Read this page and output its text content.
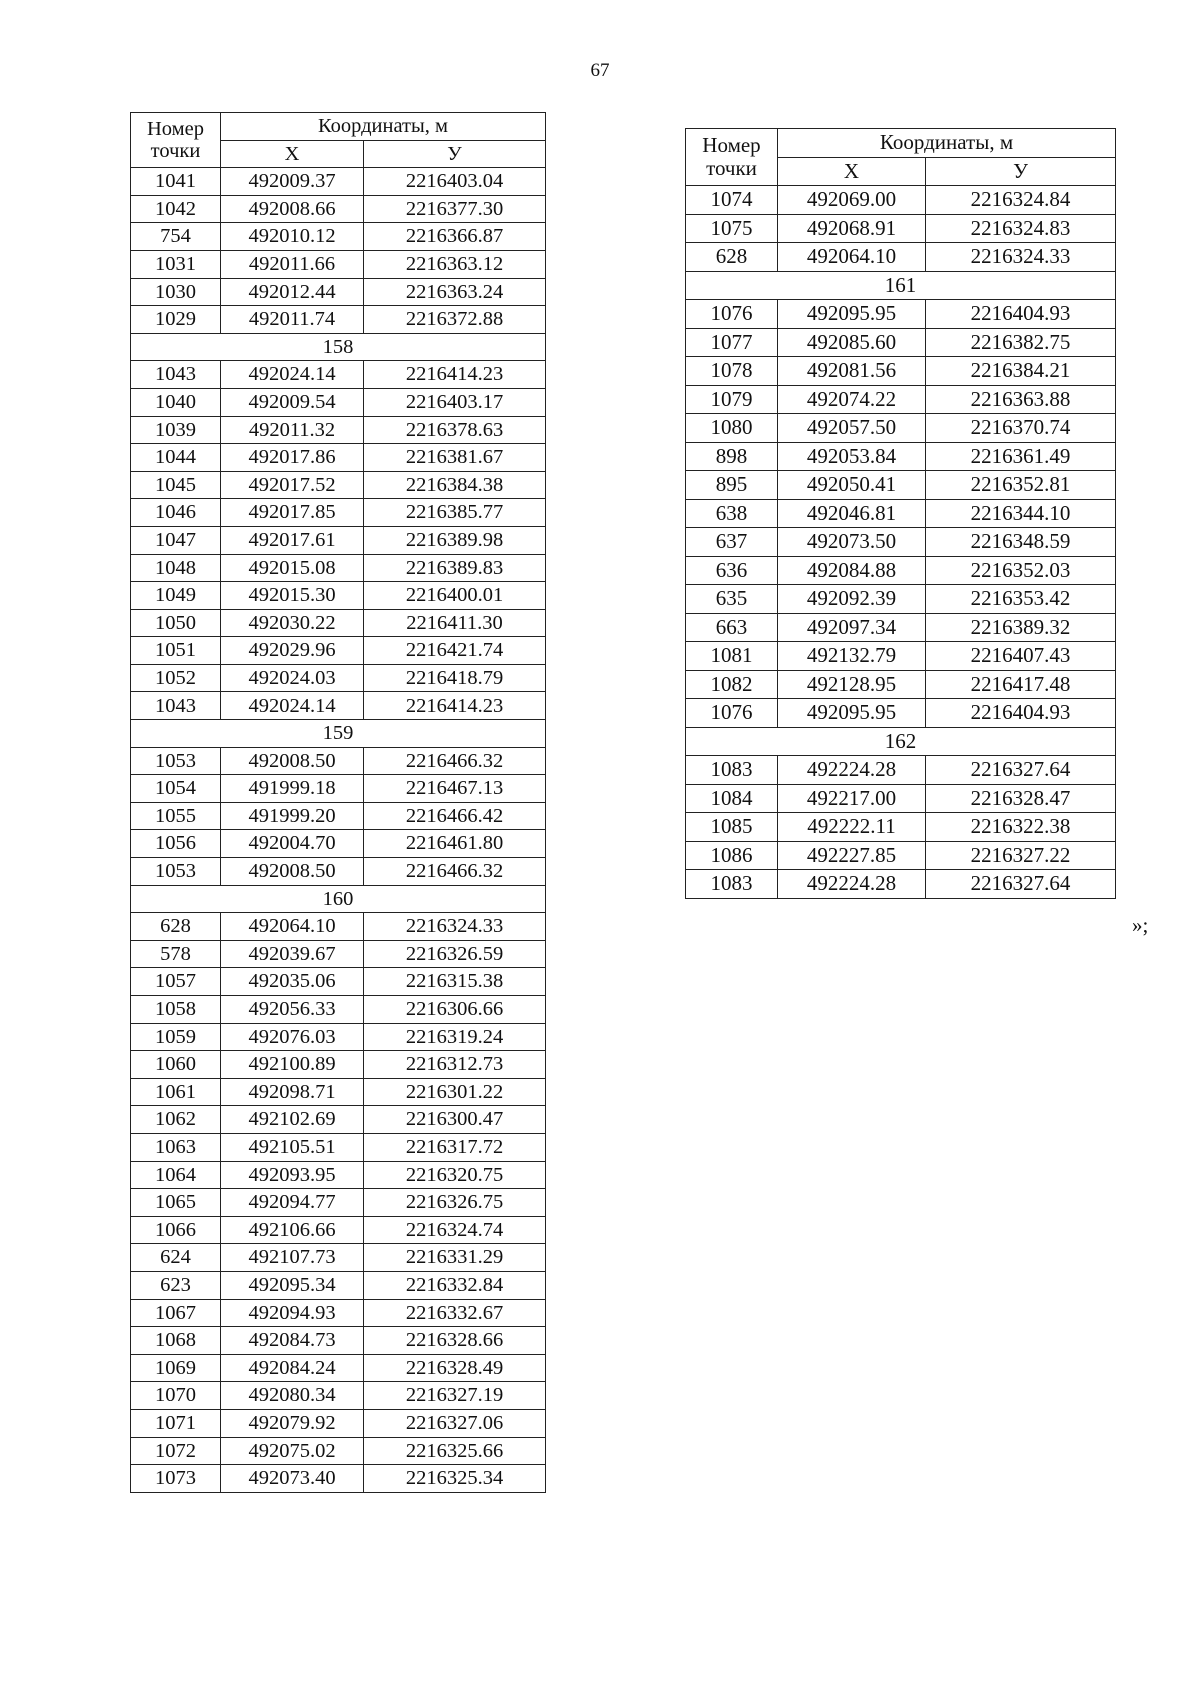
67
Номер точки	Координаты, м	
	X	У
1041	492009.37	2216403.04
1042	492008.66	2216377.30
754	492010.12	2216366.87
1031	492011.66	2216363.12
1030	492012.44	2216363.24
1029	492011.74	2216372.88
158		
1043	492024.14	2216414.23
1040	492009.54	2216403.17
1039	492011.32	2216378.63
1044	492017.86	2216381.67
1045	492017.52	2216384.38
1046	492017.85	2216385.77
1047	492017.61	2216389.98
1048	492015.08	2216389.83
1049	492015.30	2216400.01
1050	492030.22	2216411.30
1051	492029.96	2216421.74
1052	492024.03	2216418.79
1043	492024.14	2216414.23
159		
1053	492008.50	2216466.32
1054	491999.18	2216467.13
1055	491999.20	2216466.42
1056	492004.70	2216461.80
1053	492008.50	2216466.32
160		
628	492064.10	2216324.33
578	492039.67	2216326.59
1057	492035.06	2216315.38
1058	492056.33	2216306.66
1059	492076.03	2216319.24
1060	492100.89	2216312.73
1061	492098.71	2216301.22
1062	492102.69	2216300.47
1063	492105.51	2216317.72
1064	492093.95	2216320.75
1065	492094.77	2216326.75
1066	492106.66	2216324.74
624	492107.73	2216331.29
623	492095.34	2216332.84
1067	492094.93	2216332.67
1068	492084.73	2216328.66
1069	492084.24	2216328.49
1070	492080.34	2216327.19
1071	492079.92	2216327.06
1072	492075.02	2216325.66
1073	492073.40	2216325.34
Номер точки	Координаты, м	
	X	У
1074	492069.00	2216324.84
1075	492068.91	2216324.83
628	492064.10	2216324.33
161		
1076	492095.95	2216404.93
1077	492085.60	2216382.75
1078	492081.56	2216384.21
1079	492074.22	2216363.88
1080	492057.50	2216370.74
898	492053.84	2216361.49
895	492050.41	2216352.81
638	492046.81	2216344.10
637	492073.50	2216348.59
636	492084.88	2216352.03
635	492092.39	2216353.42
663	492097.34	2216389.32
1081	492132.79	2216407.43
1082	492128.95	2216417.48
1076	492095.95	2216404.93
162		
1083	492224.28	2216327.64
1084	492217.00	2216328.47
1085	492222.11	2216322.38
1086	492227.85	2216327.22
1083	492224.28	2216327.64
»;
